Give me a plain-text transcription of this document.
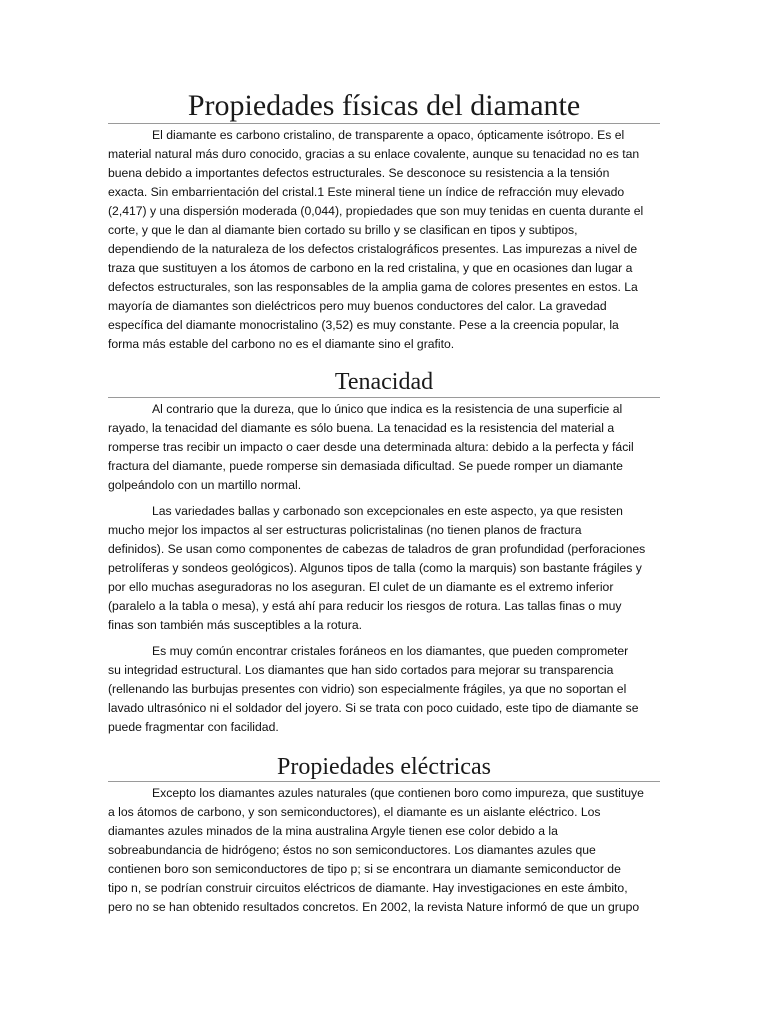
Propiedades físicas del diamante

El diamante es carbono cristalino, de transparente a opaco, ópticamente isótropo. Es el
material natural más duro conocido, gracias a su enlace covalente, aunque su tenacidad no es tan
buena debido a importantes defectos estructurales. Se desconoce su resistencia a la tensión
exacta. Sin embarrientación del cristal.1 Este mineral tiene un índice de refracción muy elevado
(2,417) y una dispersión moderada (0,044), propiedades que son muy tenidas en cuenta durante el
corte, y que le dan al diamante bien cortado su brillo y se clasifican en tipos y subtipos,
dependiendo de la naturaleza de los defectos cristalográficos presentes. Las impurezas a nivel de
traza que sustituyen a los átomos de carbono en la red cristalina, y que en ocasiones dan lugar a
defectos estructurales, son las responsables de la amplia gama de colores presentes en estos. La
mayoría de diamantes son dieléctricos pero muy buenos conductores del calor. La gravedad
específica del diamante monocristalino (3,52) es muy constante. Pese a la creencia popular, la
forma más estable del carbono no es el diamante sino el grafito.

Tenacidad

Al contrario que la dureza, que lo único que indica es la resistencia de una superficie al
rayado, la tenacidad del diamante es sólo buena. La tenacidad es la resistencia del material a
romperse tras recibir un impacto o caer desde una determinada altura: debido a la perfecta y fácil
fractura del diamante, puede romperse sin demasiada dificultad. Se puede romper un diamante
golpeándolo con un martillo normal.

Las variedades ballas y carbonado son excepcionales en este aspecto, ya que resisten
mucho mejor los impactos al ser estructuras policristalinas (no tienen planos de fractura
definidos). Se usan como componentes de cabezas de taladros de gran profundidad (perforaciones
petrolíferas y sondeos geológicos). Algunos tipos de talla (como la marquis) son bastante frágiles y
por ello muchas aseguradoras no los aseguran. El culet de un diamante es el extremo inferior
(paralelo a la tabla o mesa), y está ahí para reducir los riesgos de rotura. Las tallas finas o muy
finas son también más susceptibles a la rotura.

Es muy común encontrar cristales foráneos en los diamantes, que pueden comprometer
su integridad estructural. Los diamantes que han sido cortados para mejorar su transparencia
(rellenando las burbujas presentes con vidrio) son especialmente frágiles, ya que no soportan el
lavado ultrasónico ni el soldador del joyero. Si se trata con poco cuidado, este tipo de diamante se
puede fragmentar con facilidad.

Propiedades eléctricas

Excepto los diamantes azules naturales (que contienen boro como impureza, que sustituye
a los átomos de carbono, y son semiconductores), el diamante es un aislante eléctrico. Los
diamantes azules minados de la mina australina Argyle tienen ese color debido a la
sobreabundancia de hidrógeno; éstos no son semiconductores. Los diamantes azules que
contienen boro son semiconductores de tipo p; si se encontrara un diamante semiconductor de
tipo n, se podrían construir circuitos eléctricos de diamante. Hay investigaciones en este ámbito,
pero no se han obtenido resultados concretos. En 2002, la revista Nature informó de que un grupo
